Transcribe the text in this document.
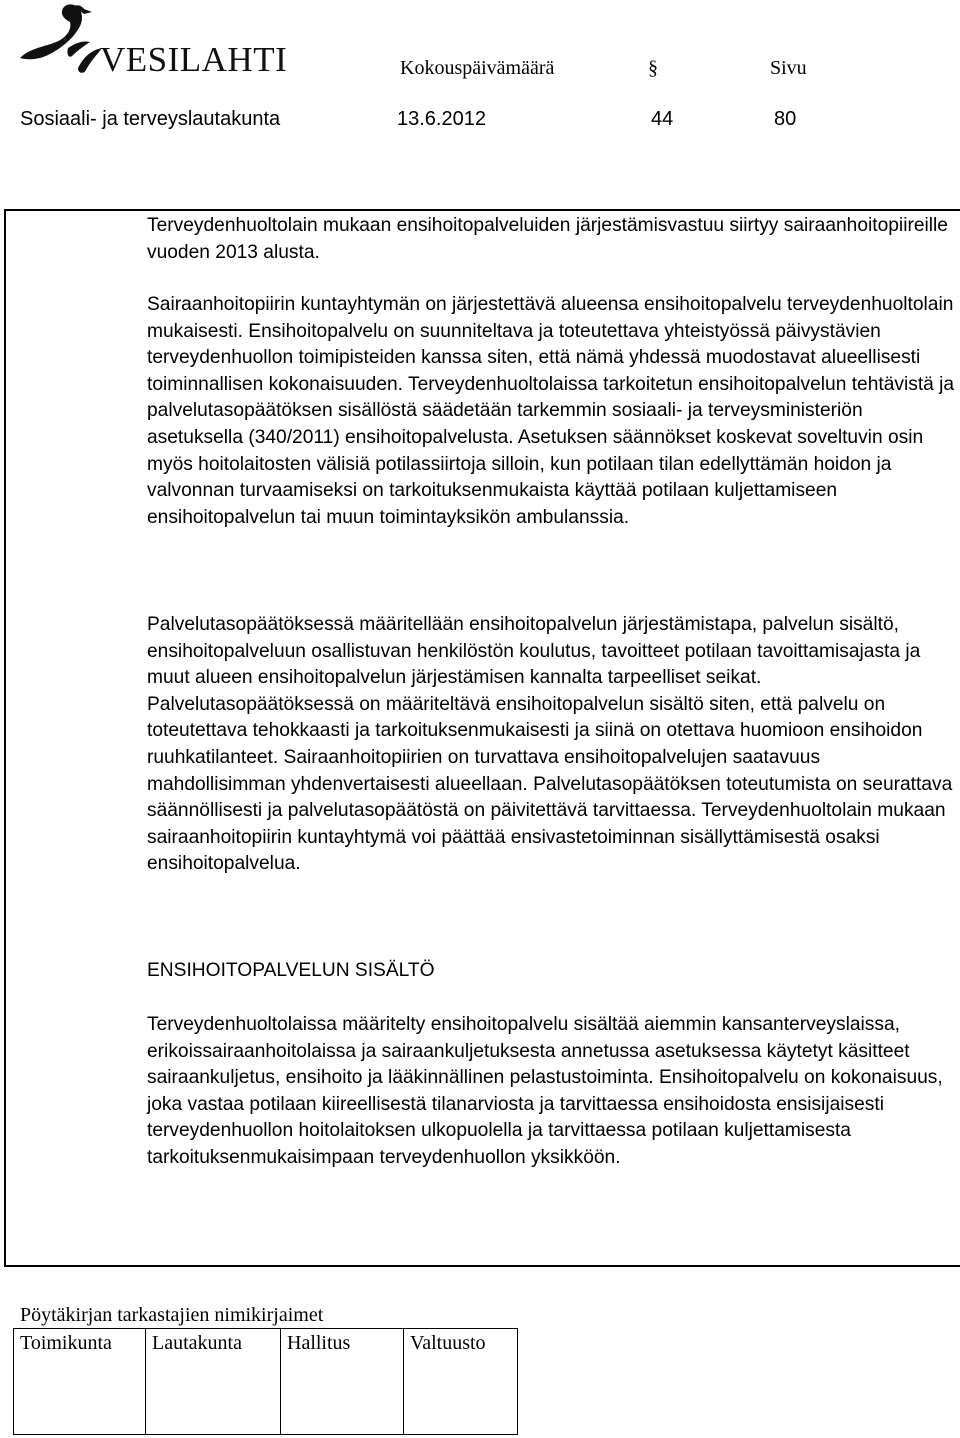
VESILAHTI	Kokouspäivämäärä	§	Sivu
Sosiaali- ja terveyslautakunta	13.6.2012	44	80

Terveydenhuoltolain mukaan ensihoitopalveluiden järjestämisvastuu siirtyy sairaanhoitopiireille vuoden 2013 alusta.

Sairaanhoitopiirin kuntayhtymän on järjestettävä alueensa ensihoitopalvelu terveydenhuoltolain mukaisesti. Ensihoitopalvelu on suunniteltava ja toteutettava yhteistyössä päivystävien terveydenhuollon toimipisteiden kanssa siten, että nämä yhdessä muodostavat alueellisesti toiminnallisen kokonaisuuden. Terveydenhuoltolaissa tarkoitetun ensihoitopalvelun tehtävistä ja palvelutasopäätöksen sisällöstä säädetään tarkemmin sosiaali- ja terveysministeriön asetuksella (340/2011) ensihoitopalvelusta. Asetuksen säännökset koskevat soveltuvin osin myös hoitolaitosten välisiä potilassiirtoja silloin, kun potilaan tilan edellyttämän hoidon ja valvonnan turvaamiseksi on tarkoituksenmukaista käyttää potilaan kuljettamiseen ensihoitopalvelun tai muun toimintayksikön ambulanssia.

Palvelutasopäätöksessä määritellään ensihoitopalvelun järjestämistapa, palvelun sisältö, ensihoitopalveluun osallistuvan henkilöstön koulutus, tavoitteet potilaan tavoittamisajasta ja muut alueen ensihoitopalvelun järjestämisen kannalta tarpeelliset seikat. Palvelutasopäätöksessä on määriteltävä ensihoitopalvelun sisältö siten, että palvelu on toteutettava tehokkaasti ja tarkoituksenmukaisesti ja siinä on otettava huomioon ensihoidon ruuhkatilanteet. Sairaanhoitopiirien on turvattava ensihoitopalvelujen saatavuus mahdollisimman yhdenvertaisesti alueellaan. Palvelutasopäätöksen toteutumista on seurattava säännöllisesti ja palvelutasopäätöstä on päivitettävä tarvittaessa. Terveydenhuoltolain mukaan sairaanhoitopiirin kuntayhtymä voi päättää ensivastetoiminnan sisällyttämisestä osaksi ensihoitopalvelua.

ENSIHOITOPALVELUN SISÄLTÖ

Terveydenhuoltolaissa määritelty ensihoitopalvelu sisältää aiemmin kansanterveyslaissa, erikoissairaanhoitolaissa ja sairaankuljetuksesta annetussa asetuksessa käytetyt käsitteet sairaankuljetus, ensihoito ja lääkinnällinen pelastustoiminta. Ensihoitopalvelu on kokonaisuus, joka vastaa potilaan kiireellisestä tilanarviosta ja tarvittaessa ensihoidosta ensisijaisesti terveydenhuollon hoitolaitoksen ulkopuolella ja tarvittaessa potilaan kuljettamisesta tarkoituksenmukaisimpaan terveydenhuollon yksikköön.

Pöytäkirjan tarkastajien nimikirjaimet
Toimikunta	Lautakunta	Hallitus	Valtuusto
